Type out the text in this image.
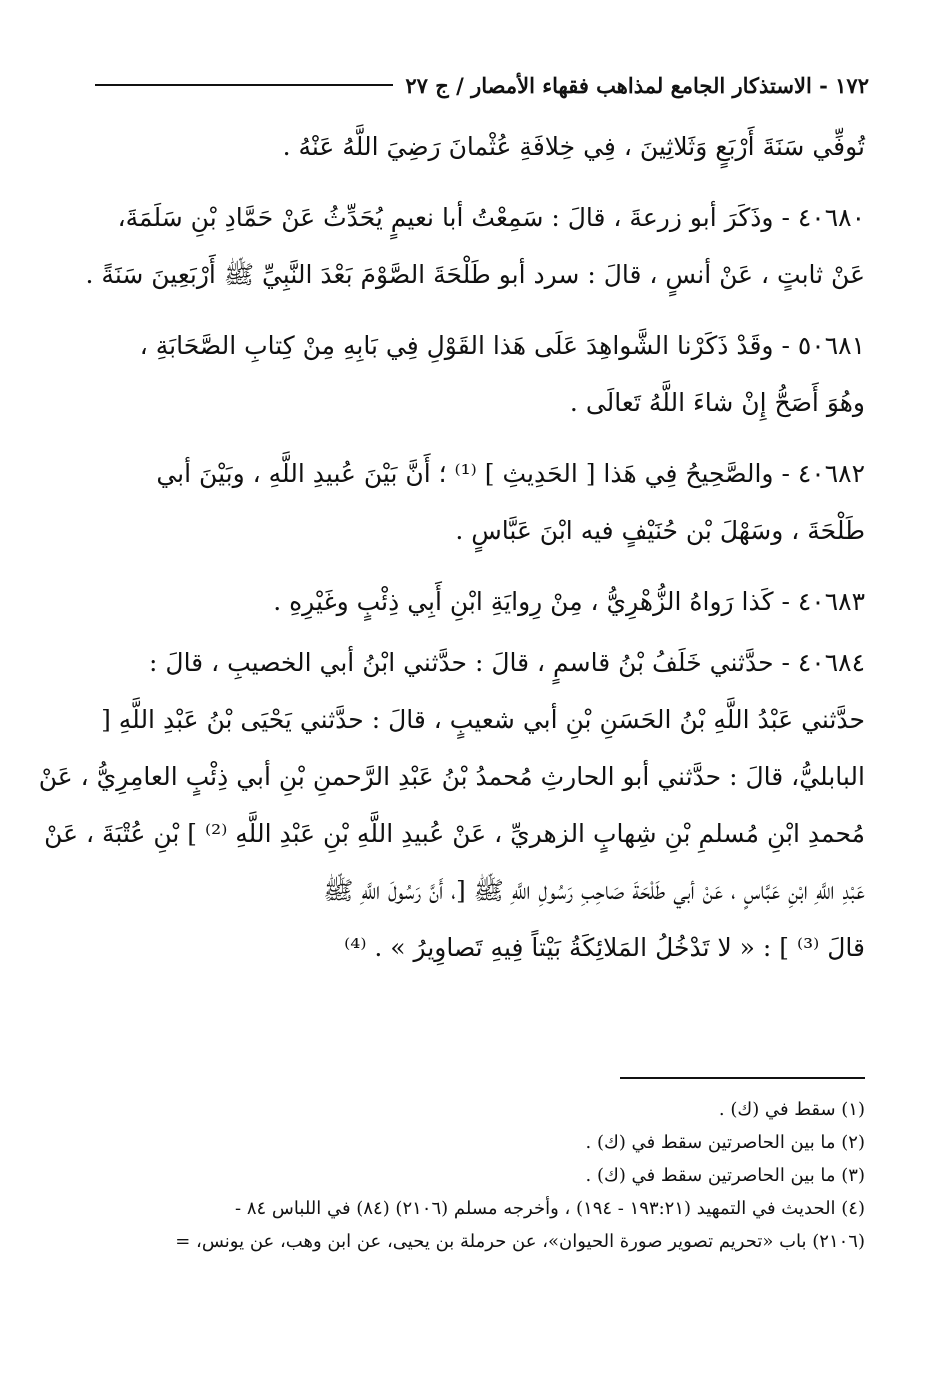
١٧٢ - الاستذكار الجامع لمذاهب فقهاء الأمصار / ج ٢٧
تُوفِّي سَنَةَ أَرْبَعٍ وَثَلاثِينَ ، فِي خِلافَةِ عُثْمانَ رَضِيَ اللَّهُ عَنْهُ .
٤٠٦٨٠ - وذَكَرَ أبو زرعةَ ، قالَ : سَمِعْتُ أبا نعيمٍ يُحَدِّثُ عَنْ حَمَّادِ بْنِ سَلَمَةَ،
عَنْ ثابتٍ ، عَنْ أنسٍ ، قالَ : سرد أبو طَلْحَةَ الصَّوْمَ بَعْدَ النَّبِيِّ ﷺ أَرْبَعِينَ سَنَةً .
٥٠٦٨١ - وقَدْ ذَكَرْنا الشَّواهِدَ عَلَى هَذا القَوْلِ فِي بَابِهِ مِنْ كِتابِ الصَّحَابَةِ ،
وهُوَ أَصَحُّ إِنْ شاءَ اللَّهُ تَعالَى .
٤٠٦٨٢ - والصَّحِيحُ فِي هَذا [ الحَدِيثِ ] ⁽¹⁾ ؛ أَنَّ بَيْنَ عُبيدِ اللَّهِ ، وبَيْنَ أبي
طَلْحَةَ ، وسَهْلَ بْن حُنَيْفٍ فيه ابْنَ عَبَّاسٍ .
٤٠٦٨٣ - كَذا رَواهُ الزُّهْرِيُّ ، مِنْ رِوايَةِ ابْنِ أَبِي ذِئْبٍ وغَيْرِهِ .
٤٠٦٨٤ - حدَّثني خَلَفُ بْنُ قاسمٍ ، قالَ : حدَّثني ابْنُ أبي الخصيبِ ، قالَ :
حدَّثني عَبْدُ اللَّهِ بْنُ الحَسَنِ بْنِ أبي شعيبٍ ، قالَ : حدَّثني يَحْيَى بْنُ عَبْدِ اللَّهِ [
البابليُّ، قالَ : حدَّثني أبو الحارثِ مُحمدُ بْنُ عَبْدِ الرَّحمنِ بْنِ أبي ذِئْبٍ العامِرِيُّ ، عَنْ
مُحمدِ ابْنِ مُسلمِ بْنِ شِهابٍ الزهريِّ ، عَنْ عُبيدِ اللَّهِ بْنِ عَبْدِ اللَّهِ ⁽²⁾ ] بْنِ عُتْبَةَ ، عَنْ
عَبْدِ اللَّهِ ابْنِ عَبَّاسٍ ، عَنْ أبي طَلْحَةَ صَاحِبِ رَسُولِ اللَّهِ ﷺ [، أَنَّ رَسُولَ اللَّهِ ﷺ
قالَ ⁽³⁾ ] : « لا تَدْخُلُ المَلائِكَةُ بَيْتاً فِيهِ تَصاوِيرُ » . ⁽⁴⁾
(١) سقط في (ك) .
(٢) ما بين الحاصرتين سقط في (ك) .
(٣) ما بين الحاصرتين سقط في (ك) .
(٤) الحديث في التمهيد (١٩٣:٢١ - ١٩٤) ، وأخرجه مسلم (٢١٠٦) (٨٤) في اللباس ٨٤ -
(٢١٠٦) باب «تحريم تصوير صورة الحيوان»، عن حرملة بن يحيى، عن ابن وهب، عن يونس، =
